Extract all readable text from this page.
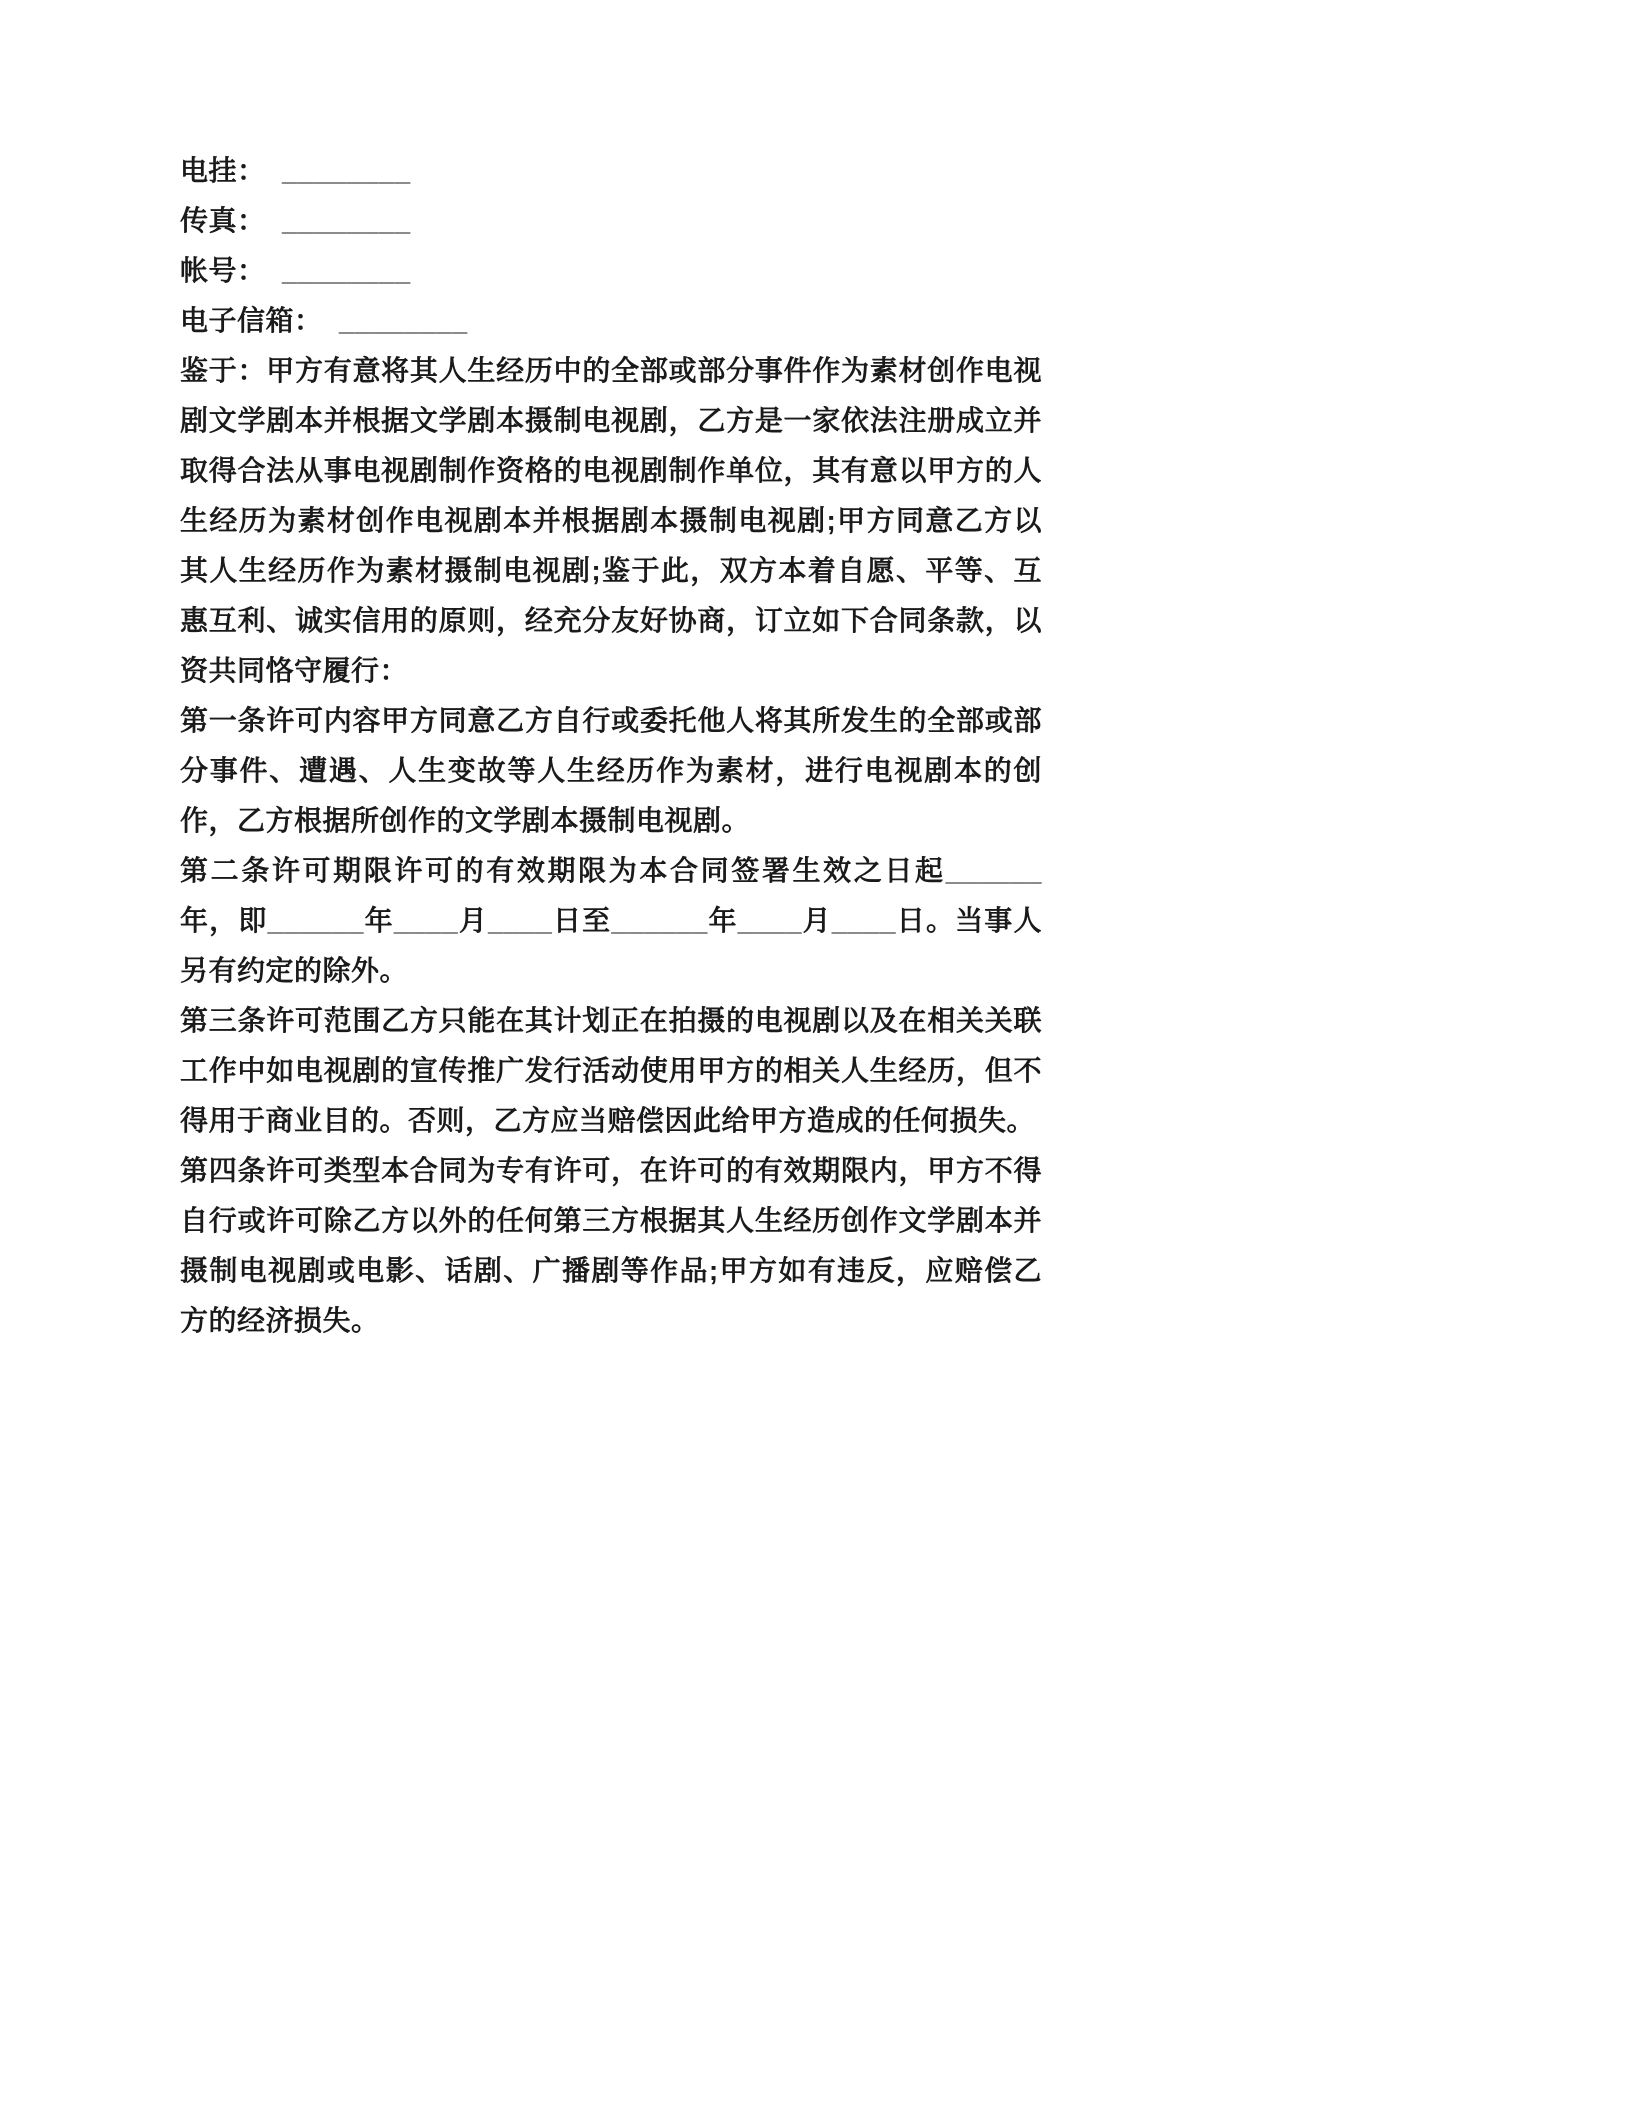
电挂：  ________
传真：  ________
帐号：  ________
电子信箱：  ________

鉴于：甲方有意将其人生经历中的全部或部分事件作为素材创作电视剧文学剧本并根据文学剧本摄制电视剧，乙方是一家依法注册成立并取得合法从事电视剧制作资格的电视剧制作单位，其有意以甲方的人生经历为素材创作电视剧本并根据剧本摄制电视剧;甲方同意乙方以其人生经历作为素材摄制电视剧;鉴于此，双方本着自愿、平等、互惠互利、诚实信用的原则，经充分友好协商，订立如下合同条款，以资共同恪守履行：

第一条许可内容甲方同意乙方自行或委托他人将其所发生的全部或部分事件、遭遇、人生变故等人生经历作为素材，进行电视剧本的创作，乙方根据所创作的文学剧本摄制电视剧。

第二条许可期限许可的有效期限为本合同签署生效之日起______年，即______年____月____日至______年____月____日。当事人另有约定的除外。

第三条许可范围乙方只能在其计划正在拍摄的电视剧以及在相关关联工作中如电视剧的宣传推广发行活动使用甲方的相关人生经历，但不得用于商业目的。否则，乙方应当赔偿因此给甲方造成的任何损失。

第四条许可类型本合同为专有许可，在许可的有效期限内，甲方不得自行或许可除乙方以外的任何第三方根据其人生经历创作文学剧本并摄制电视剧或电影、话剧、广播剧等作品;甲方如有违反，应赔偿乙方的经济损失。
